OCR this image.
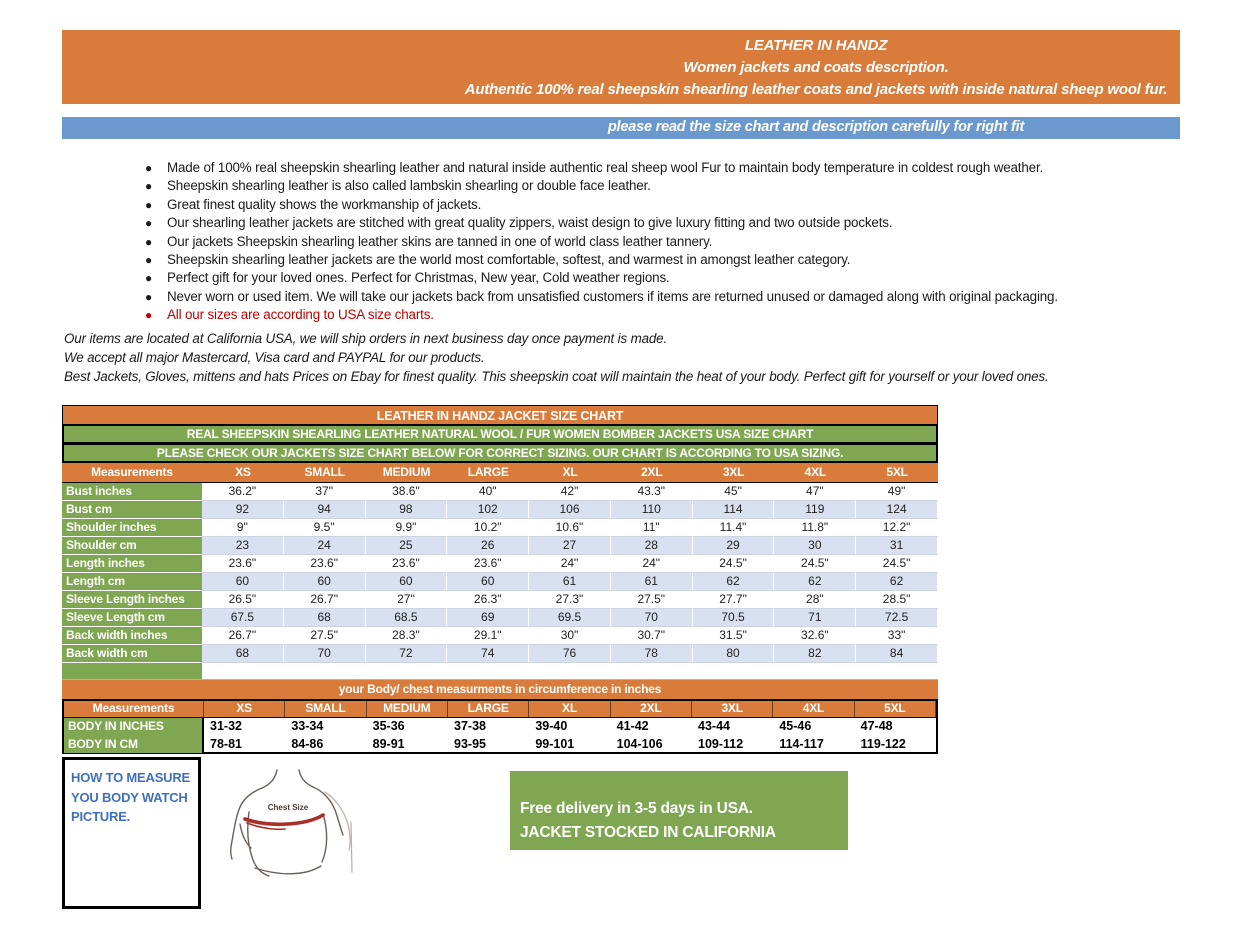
LEATHER IN HANDZ
Women jackets and coats description.
Authentic 100% real sheepskin shearling leather coats and jackets with inside natural sheep wool fur.
please read the size chart and description carefully for right fit
●	Made of 100% real sheepskin shearling leather and natural inside authentic real sheep wool Fur to maintain body temperature in coldest rough weather.
●	Sheepskin shearling leather is also called lambskin shearling or double face leather.
●	Great finest quality shows the workmanship of jackets.
●	Our shearling leather jackets are stitched with great quality zippers, waist design to give luxury fitting and two outside pockets.
●	Our jackets Sheepskin shearling leather skins are tanned in one of world class leather tannery.
●	Sheepskin shearling leather jackets are the world most comfortable, softest, and warmest in amongst leather category.
●	Perfect gift for your loved ones. Perfect for Christmas, New year, Cold weather regions.
●	Never worn or used item. We will take our jackets back from unsatisfied customers if items are returned unused or damaged along with original packaging.
●	All our sizes are according to USA size charts.
Our items are located at California USA, we will ship orders in next business day once payment is made.
We accept all major Mastercard, Visa card and PAYPAL for our products.
Best Jackets, Gloves, mittens and hats Prices on Ebay for finest quality. This sheepskin coat will maintain the heat of your body. Perfect gift for yourself or your loved ones.
LEATHER IN HANDZ JACKET SIZE CHART
REAL SHEEPSKIN SHEARLING LEATHER NATURAL WOOL / FUR WOMEN BOMBER JACKETS USA SIZE CHART
PLEASE CHECK OUR JACKETS SIZE CHART BELOW FOR CORRECT SIZING. OUR CHART IS ACCORDING TO USA SIZING.
Measurements	XS	SMALL	MEDIUM	LARGE	XL	2XL	3XL	4XL	5XL
Bust inches	36.2"	37"	38.6"	40"	42"	43.3"	45"	47"	49"
Bust cm	92	94	98	102	106	110	114	119	124
Shoulder inches	9"	9.5"	9.9"	10.2"	10.6"	11"	11.4"	11.8"	12.2"
Shoulder cm	23	24	25	26	27	28	29	30	31
Length inches	23.6"	23.6"	23.6"	23.6"	24"	24"	24.5"	24.5"	24.5"
Length cm	60	60	60	60	61	61	62	62	62
Sleeve Length inches	26.5"	26.7"	27"	26.3"	27.3"	27.5"	27.7"	28"	28.5"
Sleeve Length cm	67.5	68	68.5	69	69.5	70	70.5	71	72.5
Back width inches	26.7"	27.5"	28.3"	29.1"	30"	30.7"	31.5"	32.6"	33"
Back width cm	68	70	72	74	76	78	80	82	84
your Body/ chest measurments in circumference in inches
Measurements	XS	SMALL	MEDIUM	LARGE	XL	2XL	3XL	4XL	5XL
BODY IN INCHES	31-32	33-34	35-36	37-38	39-40	41-42	43-44	45-46	47-48
BODY IN CM	78-81	84-86	89-91	93-95	99-101	104-106	109-112	114-117	119-122
HOW TO MEASURE YOU BODY WATCH PICTURE.
Chest Size	Free delivery in 3-5 days in USA.
JACKET STOCKED IN CALIFORNIA
